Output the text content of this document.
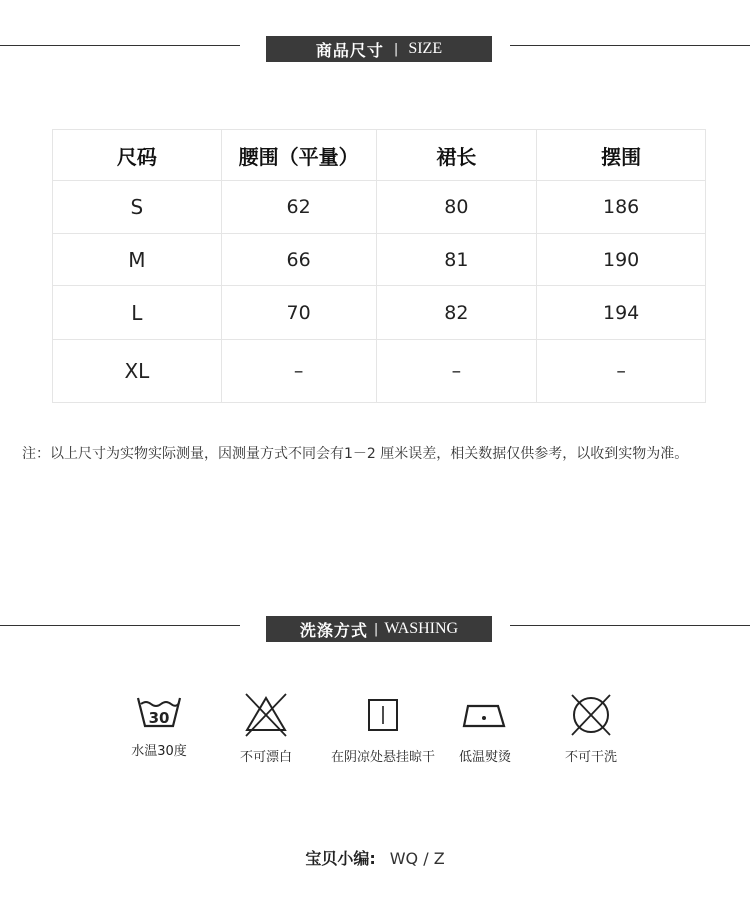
商品尺寸 | SIZE
尺码	腰围（平量）	裙长	摆围
S	62	80	186
M	66	81	190
L	70	82	194
XL	–	–	–
注：以上尺寸为实物实际测量，因测量方式不同会有1－2 厘米误差，相关数据仅供参考，以收到实物为准。
洗涤方式 | WASHING
30
水温30度	不可漂白	在阴凉处悬挂晾干	低温熨烫	不可干洗
宝贝小编: WQ / Z
